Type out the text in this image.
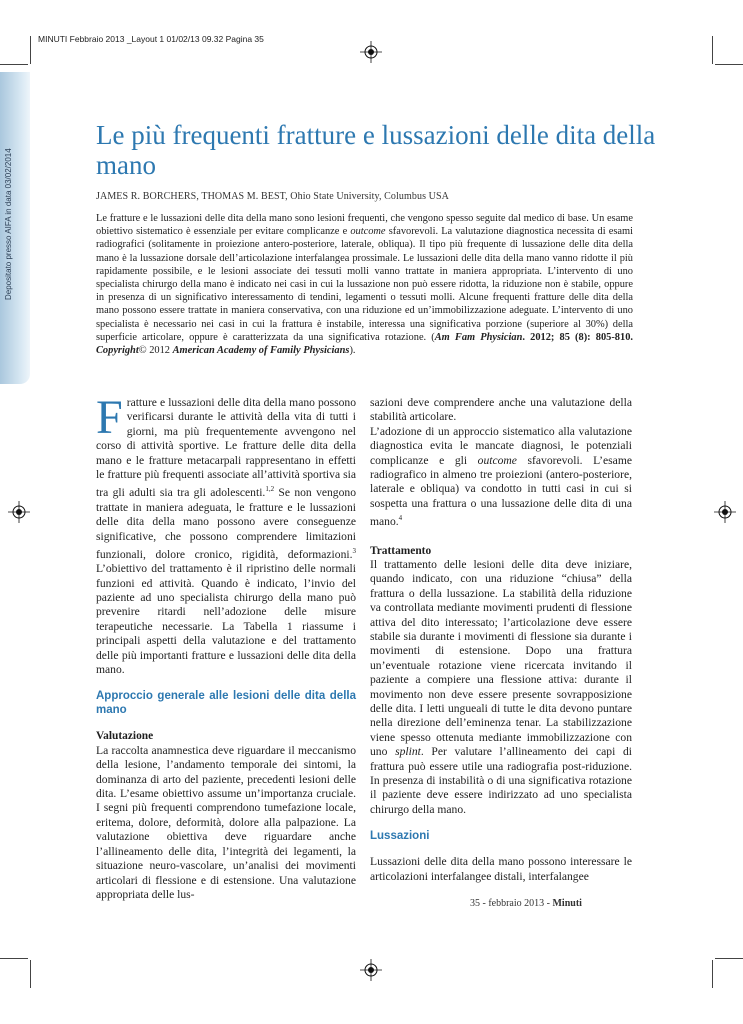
MINUTI Febbraio 2013 _Layout 1 01/02/13 09.32 Pagina 35
Depositato presso AIFA in data 03/02/2014
Le più frequenti fratture e lussazioni delle dita della mano
JAMES R. BORCHERS, THOMAS M. BEST, Ohio State University, Columbus USA
Le fratture e le lussazioni delle dita della mano sono lesioni frequenti, che vengono spesso seguite dal medico di base. Un esame obiettivo sistematico è essenziale per evitare complicanze e outcome sfavorevoli. La valutazione diagnostica necessita di esami radiografici (solitamente in proiezione antero-posteriore, laterale, obliqua). Il tipo più frequente di lussazione delle dita della mano è la lussazione dorsale dell’articolazione interfalangea prossimale. Le lussazioni delle dita della mano vanno ridotte il più rapidamente possibile, e le lesioni associate dei tessuti molli vanno trattate in maniera appropriata. L’intervento di uno specialista chirurgo della mano è indicato nei casi in cui la lussazione non può essere ridotta, la riduzione non è stabile, oppure in presenza di un significativo interessamento di tendini, legamenti o tessuti molli. Alcune frequenti fratture delle dita della mano possono essere trattate in maniera conservativa, con una riduzione ed un’immobilizzazione adeguate. L’intervento di uno specialista è necessario nei casi in cui la frattura è instabile, interessa una significativa porzione (superiore al 30%) della superficie articolare, oppure è caratterizzata da una significativa rotazione. (Am Fam Physician. 2012; 85 (8): 805-810. Copyright© 2012 American Academy of Family Physicians).

Fratture e lussazioni delle dita della mano possono verificarsi durante le attività della vita di tutti i giorni, ma più frequentemente avvengono nel corso di attività sportive. Le fratture delle dita della mano e le fratture metacarpali rappresentano in effetti le fratture più frequenti associate all’attività sportiva sia tra gli adulti sia tra gli adolescenti.$^{1,2}$ Se non vengono trattate in maniera adeguata, le fratture e le lussazioni delle dita della mano possono avere conseguenze significative, che possono comprendere limitazioni funzionali, dolore cronico, rigidità, deformazioni.$^3$ L’obiettivo del trattamento è il ripristino delle normali funzioni ed attività. Quando è indicato, l’invio del paziente ad uno specialista chirurgo della mano può prevenire ritardi nell’adozione delle misure terapeutiche necessarie. La Tabella 1 riassume i principali aspetti della valutazione e del trattamento delle più importanti fratture e lussazioni delle dita della mano.

Approccio generale alle lesioni delle dita della mano

Valutazione

La raccolta anamnestica deve riguardare il meccanismo della lesione, l’andamento temporale dei sintomi, la dominanza di arto del paziente, precedenti lesioni delle dita. L’esame obiettivo assume un’importanza cruciale. I segni più frequenti comprendono tumefazione locale, eritema, dolore, deformità, dolore alla palpazione. La valutazione obiettiva deve riguardare anche l’allineamento delle dita, l’integrità dei legamenti, la situazione neuro-vascolare, un’analisi dei movimenti articolari di flessione e di estensione. Una valutazione appropriata delle lus-

sazioni deve comprendere anche una valutazione della stabilità articolare.

L’adozione di un approccio sistematico alla valutazione diagnostica evita le mancate diagnosi, le potenziali complicanze e gli outcome sfavorevoli. L’esame radiografico in almeno tre proiezioni (antero-posteriore, laterale e obliqua) va condotto in tutti casi in cui si sospetta una frattura o una lussazione delle dita di una mano.$^4$

Trattamento

Il trattamento delle lesioni delle dita deve iniziare, quando indicato, con una riduzione “chiusa” della frattura o della lussazione. La stabilità della riduzione va controllata mediante movimenti prudenti di flessione attiva del dito interessato; l’articolazione deve essere stabile sia durante i movimenti di flessione sia durante i movimenti di estensione. Dopo una frattura un’eventuale rotazione viene ricercata invitando il paziente a compiere una flessione attiva: durante il movimento non deve essere presente sovrapposizione delle dita. I letti ungueali di tutte le dita devono puntare nella direzione dell’eminenza tenar. La stabilizzazione viene spesso ottenuta mediante immobilizzazione con uno splint. Per valutare l’allineamento dei capi di frattura può essere utile una radiografia post-riduzione. In presenza di instabilità o di una significativa rotazione il paziente deve essere indirizzato ad uno specialista chirurgo della mano.

Lussazioni

Lussazioni delle dita della mano possono interessare le articolazioni interfalangee distali, interfalangee

35 - febbraio 2013 - Minuti
